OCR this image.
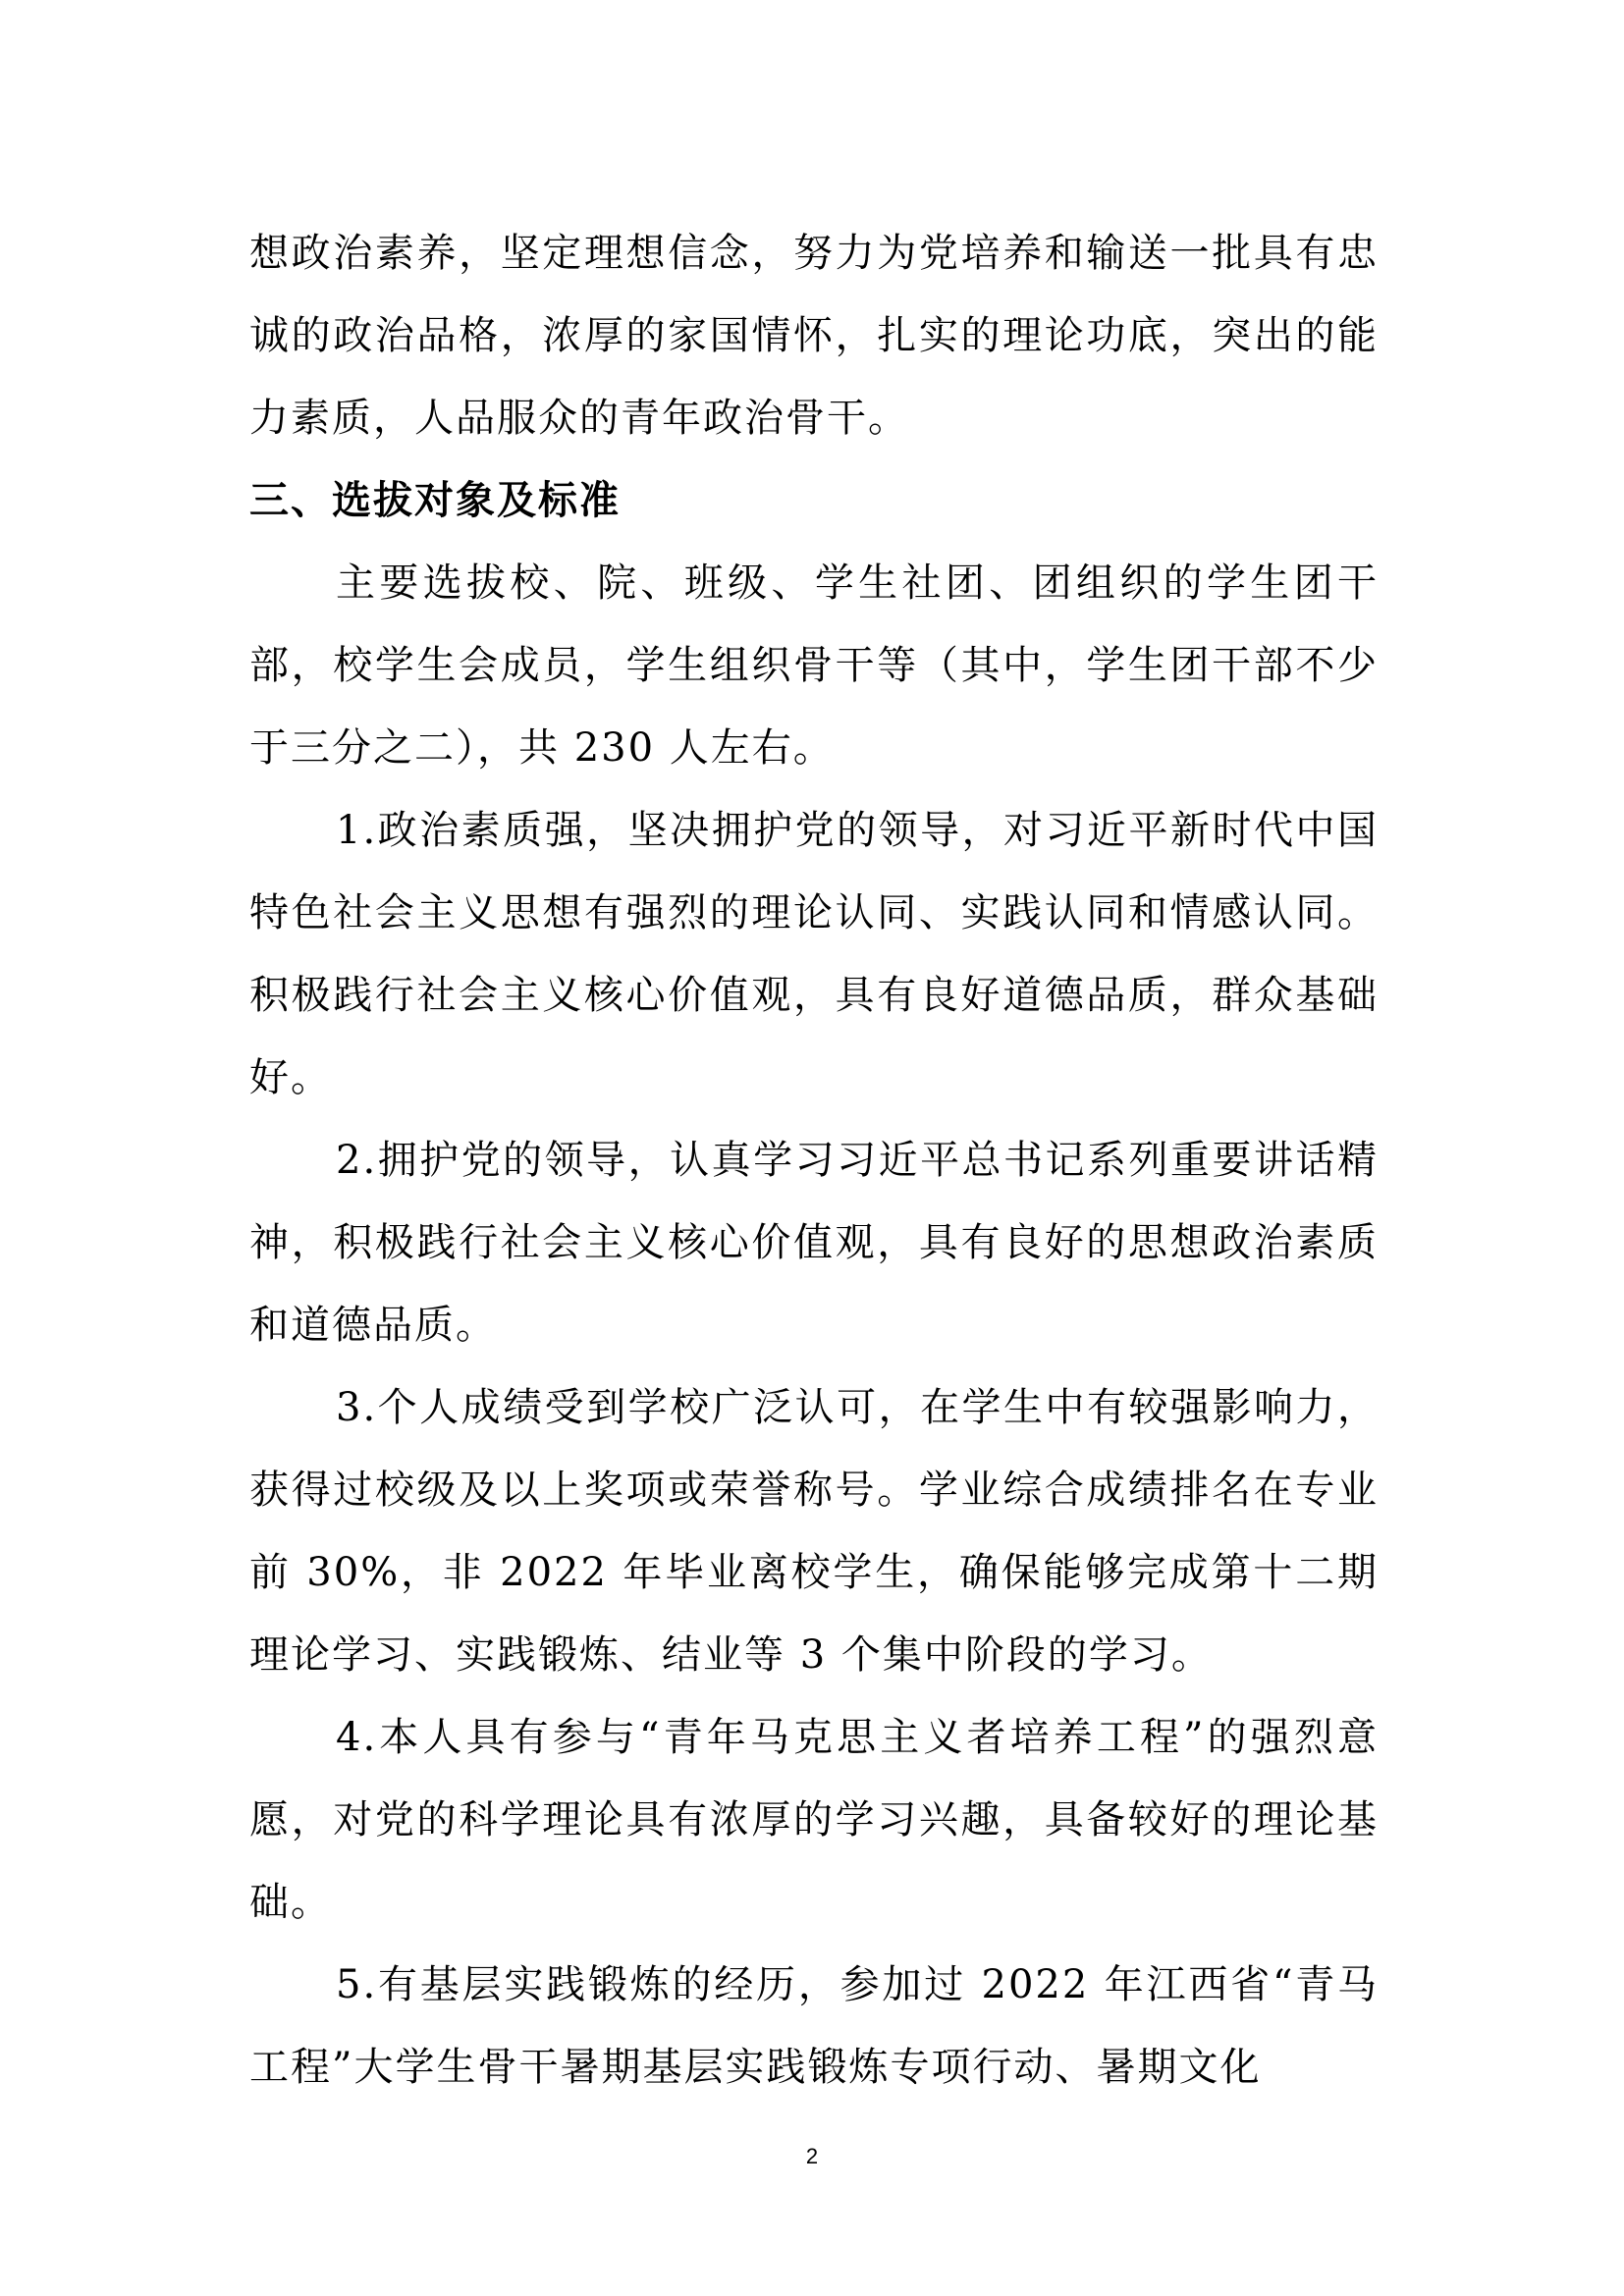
想政治素养，坚定理想信念，努力为党培养和输送一批具有忠诚的政治品格，浓厚的家国情怀，扎实的理论功底，突出的能力素质，人品服众的青年政治骨干。

三、选拔对象及标准

主要选拔校、院、班级、学生社团、团组织的学生团干部，校学生会成员，学生组织骨干等（其中，学生团干部不少于三分之二），共 230 人左右。

1.政治素质强，坚决拥护党的领导，对习近平新时代中国特色社会主义思想有强烈的理论认同、实践认同和情感认同。积极践行社会主义核心价值观，具有良好道德品质，群众基础好。

2.拥护党的领导，认真学习习近平总书记系列重要讲话精神，积极践行社会主义核心价值观，具有良好的思想政治素质和道德品质。

3.个人成绩受到学校广泛认可，在学生中有较强影响力，获得过校级及以上奖项或荣誉称号。学业综合成绩排名在专业前 30%，非 2022 年毕业离校学生，确保能够完成第十二期理论学习、实践锻炼、结业等 3 个集中阶段的学习。

4.本人具有参与“青年马克思主义者培养工程”的强烈意愿，对党的科学理论具有浓厚的学习兴趣，具备较好的理论基础。

5.有基层实践锻炼的经历，参加过 2022 年江西省“青马工程”大学生骨干暑期基层实践锻炼专项行动、暑期文化

2
